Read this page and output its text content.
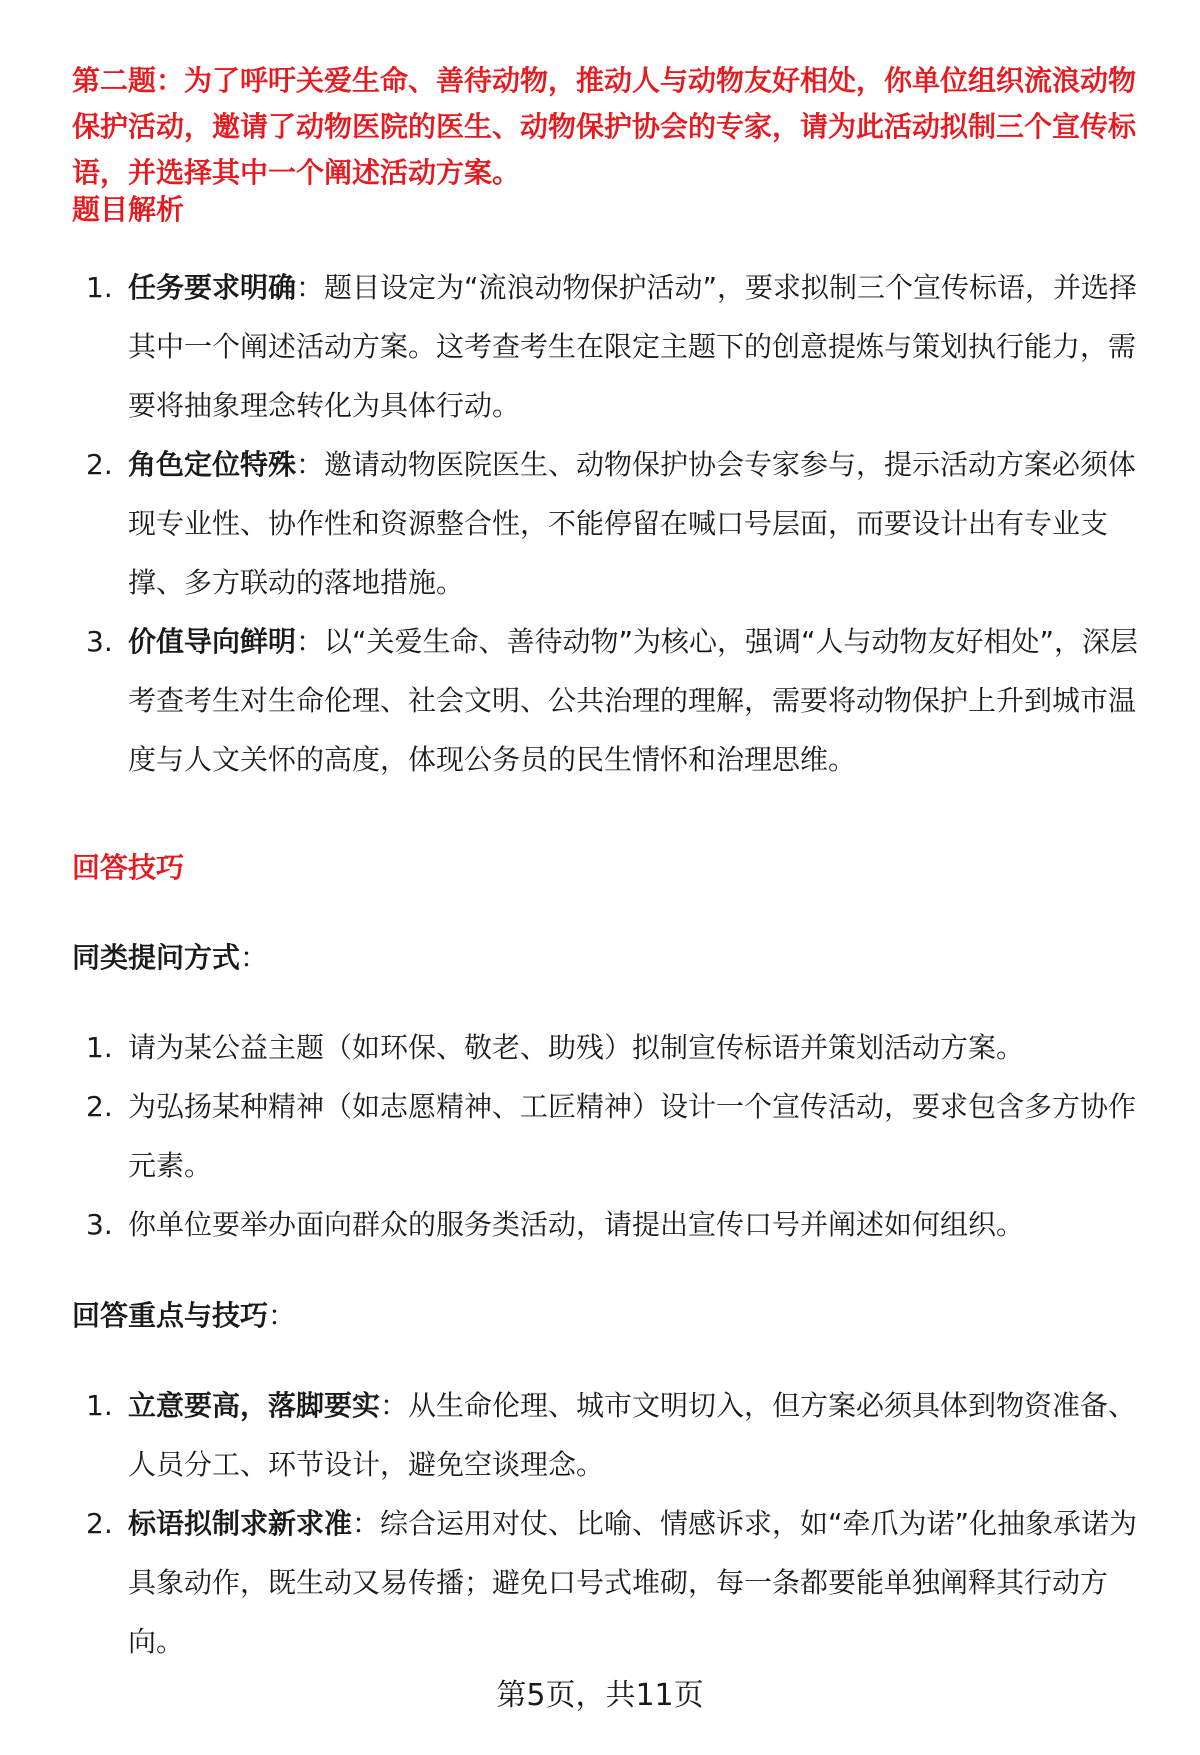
第二题：为了呼吁关爱生命、善待动物，推动人与动物友好相处，你单位组织流浪动物保护活动，邀请了动物医院的医生、动物保护协会的专家，请为此活动拟制三个宣传标语，并选择其中一个阐述活动方案。

题目解析
1. 任务要求明确：题目设定为“流浪动物保护活动”，要求拟制三个宣传标语，并选择其中一个阐述活动方案。这考查考生在限定主题下的创意提炼与策划执行能力，需要将抽象理念转化为具体行动。
2. 角色定位特殊：邀请动物医院医生、动物保护协会专家参与，提示活动方案必须体现专业性、协作性和资源整合性，不能停留在喊口号层面，而要设计出有专业支撑、多方联动的落地措施。
3. 价值导向鲜明：以“关爱生命、善待动物”为核心，强调“人与动物友好相处”，深层考查考生对生命伦理、社会文明、公共治理的理解，需要将动物保护上升到城市温度与人文关怀的高度，体现公务员的民生情怀和治理思维。
回答技巧
同类提问方式：
1. 请为某公益主题（如环保、敬老、助残）拟制宣传标语并策划活动方案。
2. 为弘扬某种精神（如志愿精神、工匠精神）设计一个宣传活动，要求包含多方协作元素。
3. 你单位要举办面向群众的服务类活动，请提出宣传口号并阐述如何组织。
回答重点与技巧：
1. 立意要高，落脚要实：从生命伦理、城市文明切入，但方案必须具体到物资准备、人员分工、环节设计，避免空谈理念。
2. 标语拟制求新求准：综合运用对仗、比喻、情感诉求，如“牵爪为诺”化抽象承诺为具象动作，既生动又易传播；避免口号式堆砌，每一条都要能单独阐释其行动方向。
第5页，共11页
